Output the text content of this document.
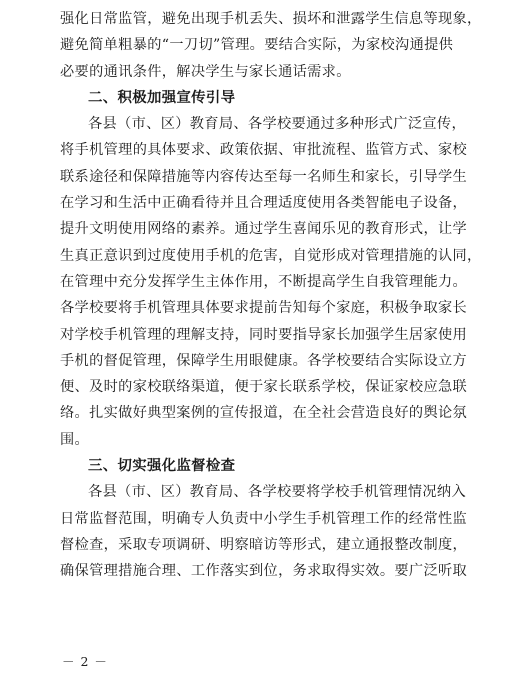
强化日常监管，避免出现手机丢失、损坏和泄露学生信息等现象，
避免简单粗暴的“一刀切”管理。要结合实际，为家校沟通提供
必要的通讯条件，解决学生与家长通话需求。
二、积极加强宣传引导
各县（市、区）教育局、各学校要通过多种形式广泛宣传，
将手机管理的具体要求、政策依据、审批流程、监管方式、家校
联系途径和保障措施等内容传达至每一名师生和家长，引导学生
在学习和生活中正确看待并且合理适度使用各类智能电子设备，
提升文明使用网络的素养。通过学生喜闻乐见的教育形式，让学
生真正意识到过度使用手机的危害，自觉形成对管理措施的认同，
在管理中充分发挥学生主体作用，不断提高学生自我管理能力。
各学校要将手机管理具体要求提前告知每个家庭，积极争取家长
对学校手机管理的理解支持，同时要指导家长加强学生居家使用
手机的督促管理，保障学生用眼健康。各学校要结合实际设立方
便、及时的家校联络渠道，便于家长联系学校，保证家校应急联
络。扎实做好典型案例的宣传报道，在全社会营造良好的舆论氛
围。
三、切实强化监督检查
各县（市、区）教育局、各学校要将学校手机管理情况纳入
日常监督范围，明确专人负责中小学生手机管理工作的经常性监
督检查，采取专项调研、明察暗访等形式，建立通报整改制度，
确保管理措施合理、工作落实到位，务求取得实效。要广泛听取
－ 2 －
